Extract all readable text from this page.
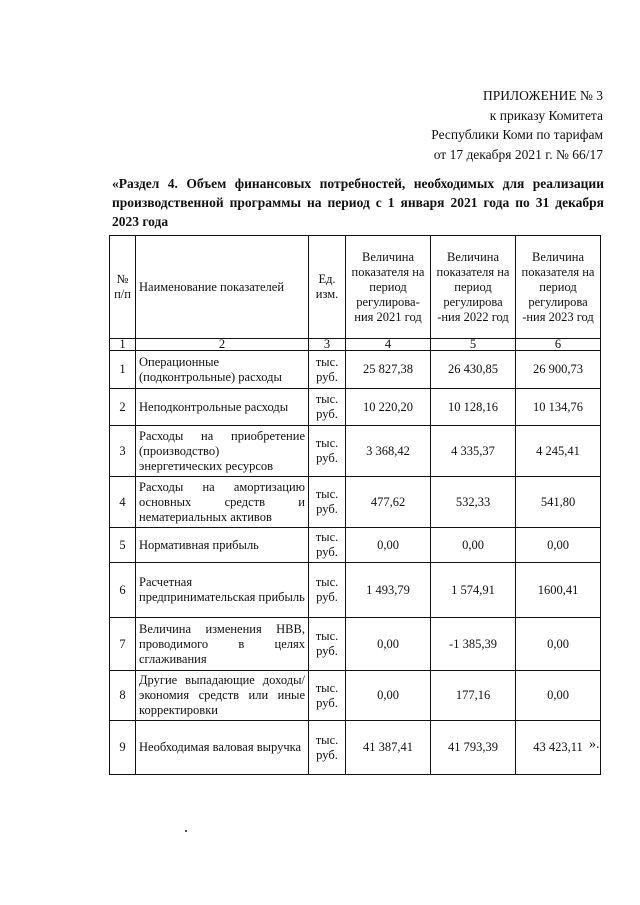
ПРИЛОЖЕНИЕ № 3
к приказу Комитета
Республики Коми по тарифам
от 17 декабря 2021 г. № 66/17
«Раздел 4. Объем финансовых потребностей, необходимых для реализации производственной программы на период с 1 января 2021 года по 31 декабря 2023 года
№ п/п	Наименование показателей	Ед. изм.	Величина показателя на период регулирова-ния 2021 год	Величина показателя на период регулирова -ния 2022 год	Величина показателя на период регулирова -ния 2023 год
1	2	3	4	5	6
1	Операционные (подконтрольные) расходы	тыс. руб.	25 827,38	26 430,85	26 900,73
2	Неподконтрольные расходы	тыс. руб.	10 220,20	10 128,16	10 134,76
3	Расходы на приобретение (производство) энергетических ресурсов	тыс. руб.	3 368,42	4 335,37	4 245,41
4	Расходы на амортизацию основных средств и нематериальных активов	тыс. руб.	477,62	532,33	541,80
5	Нормативная прибыль	тыс. руб.	0,00	0,00	0,00
6	Расчетная предпринимательская прибыль	тыс. руб.	1 493,79	1 574,91	1600,41
7	Величина изменения НВВ, проводимого в целях сглаживания	тыс. руб.	0,00	-1 385,39	0,00
8	Другие выпадающие доходы/экономия средств или иные корректировки	тыс. руб.	0,00	177,16	0,00
9	Необходимая валовая выручка	тыс. руб.	41 387,41	41 793,39	43 423,11 ».
